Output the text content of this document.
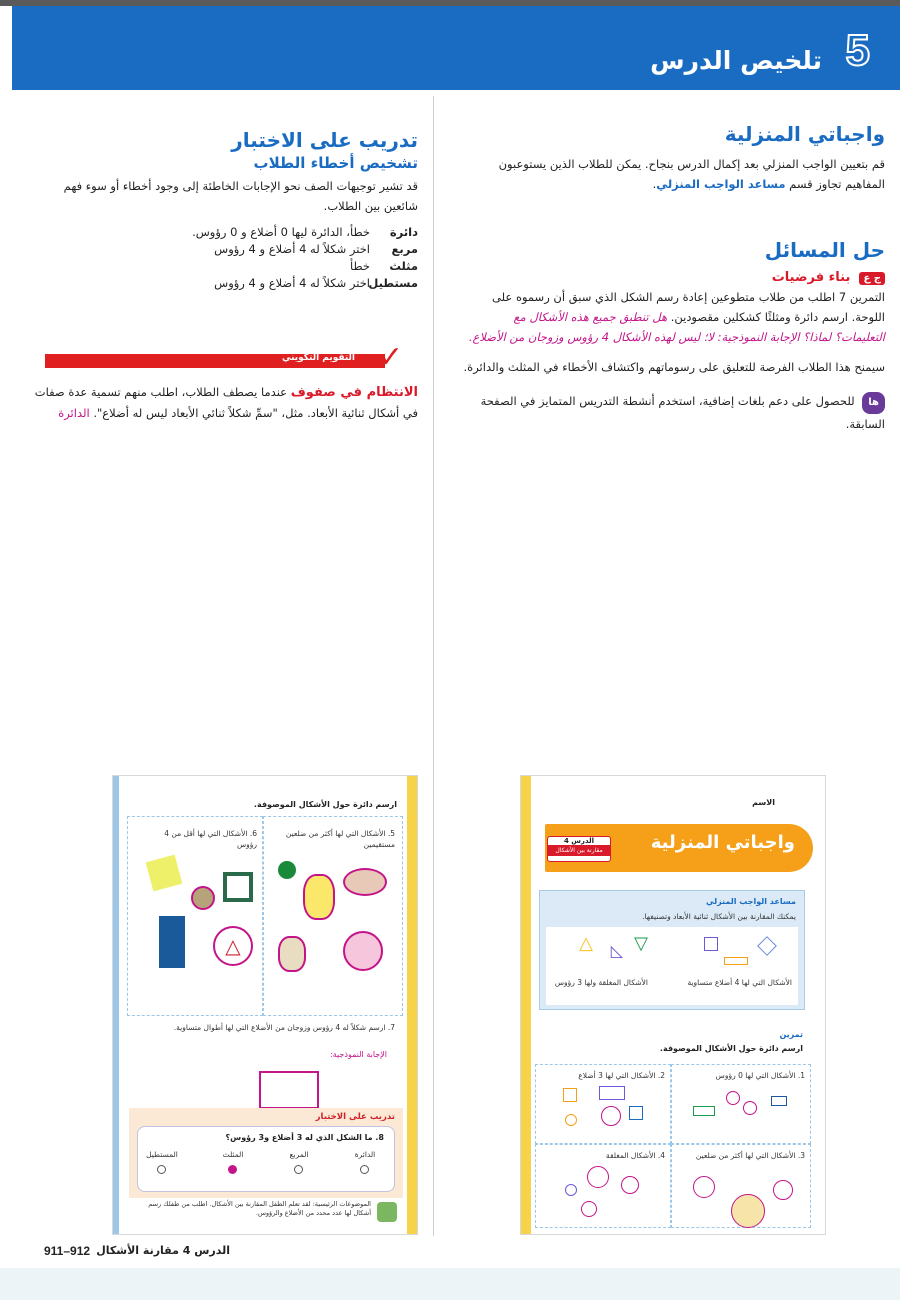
تلخيص الدرس 5
واجباتي المنزلية
قم بتعيين الواجب المنزلي بعد إكمال الدرس بنجاح. يمكن للطلاب الذين يستوعبون المفاهيم تجاوز قسم مساعد الواجب المنزلي.
حل المسائل
ج ع بناء فرضيات
التمرين 7 اطلب من طلاب متطوعين إعادة رسم الشكل الذي سبق أن رسموه على اللوحة. ارسم دائرة ومثلثًا كشكلين مقصودين. هل تنطبق جميع هذه الأشكال مع التعليمات؟ لماذا؟ الإجابة النموذجية: لا؛ ليس لهذه الأشكال 4 رؤوس وزوجان من الأضلاع.
سيمنح هذا الطلاب الفرصة للتعليق على رسوماتهم واكتشاف الأخطاء في المثلث والدائرة.
ها للحصول على دعم بلغات إضافية، استخدم أنشطة التدريس المتمايز في الصفحة السابقة.
تدريب على الاختبار
تشخيص أخطاء الطلاب
قد تشير توجيهات الصف نحو الإجابات الخاطئة إلى وجود أخطاء أو سوء فهم شائعين بين الطلاب.
دائرة
خطأ، الدائرة ليها 0 أضلاع و 0 رؤوس.
مربع
اختر شكلاً له 4 أضلاع و 4 رؤوس
مثلث
خطأ
مستطيل
اختر شكلاً له 4 أضلاع و 4 رؤوس
التقويم التكويني ✓
الانتظام في صفوف عندما يصطف الطلاب، اطلب منهم تسمية عدة صفات في أشكال ثنائية الأبعاد. مثل، "سمِّ شكلاً ثنائي الأبعاد ليس له أضلاع". الدائرة
ارسم دائرة حول الأشكال الموصوفة.
5. الأشكال التي لها أكثر من ضلعين مستقيمين
6. الأشكال التي لها أقل من 4 رؤوس
△
7. ارسم شكلاً له 4 رؤوس وزوجان من الأضلاع التي لها أطوال متساوية.
الإجابة النموذجية:
تدريب على الاختبار
8. ما الشكل الذي له 3 أضلاع و3 رؤوس؟
الدائرة
المربع
المثلث
المستطيل
الموضوعات الرئيسية: لقد تعلم الطفل المقارنة بين الأشكال. اطلب من طفلك رسم أشكال لها عدد محدد من الأضلاع والرؤوس.
الاسم
واجباتي المنزلية
الدرس 4
مقارنة بين الأشكال
مساعد الواجب المنزلي
يمكنك المقارنة بين الأشكال ثنائية الأبعاد وتصنيفها.
الأشكال التي لها 4 أضلاع متساوية
الأشكال المغلقة ولها 3 رؤوس
▽
◺
△
تمرين
ارسم دائرة حول الأشكال الموصوفة.
1. الأشكال التي لها 0 رؤوس
2. الأشكال التي لها 3 أضلاع
3. الأشكال التي لها أكثر من ضلعين
4. الأشكال المغلقة
الدرس 4 مقارنة الأشكال
911–912
